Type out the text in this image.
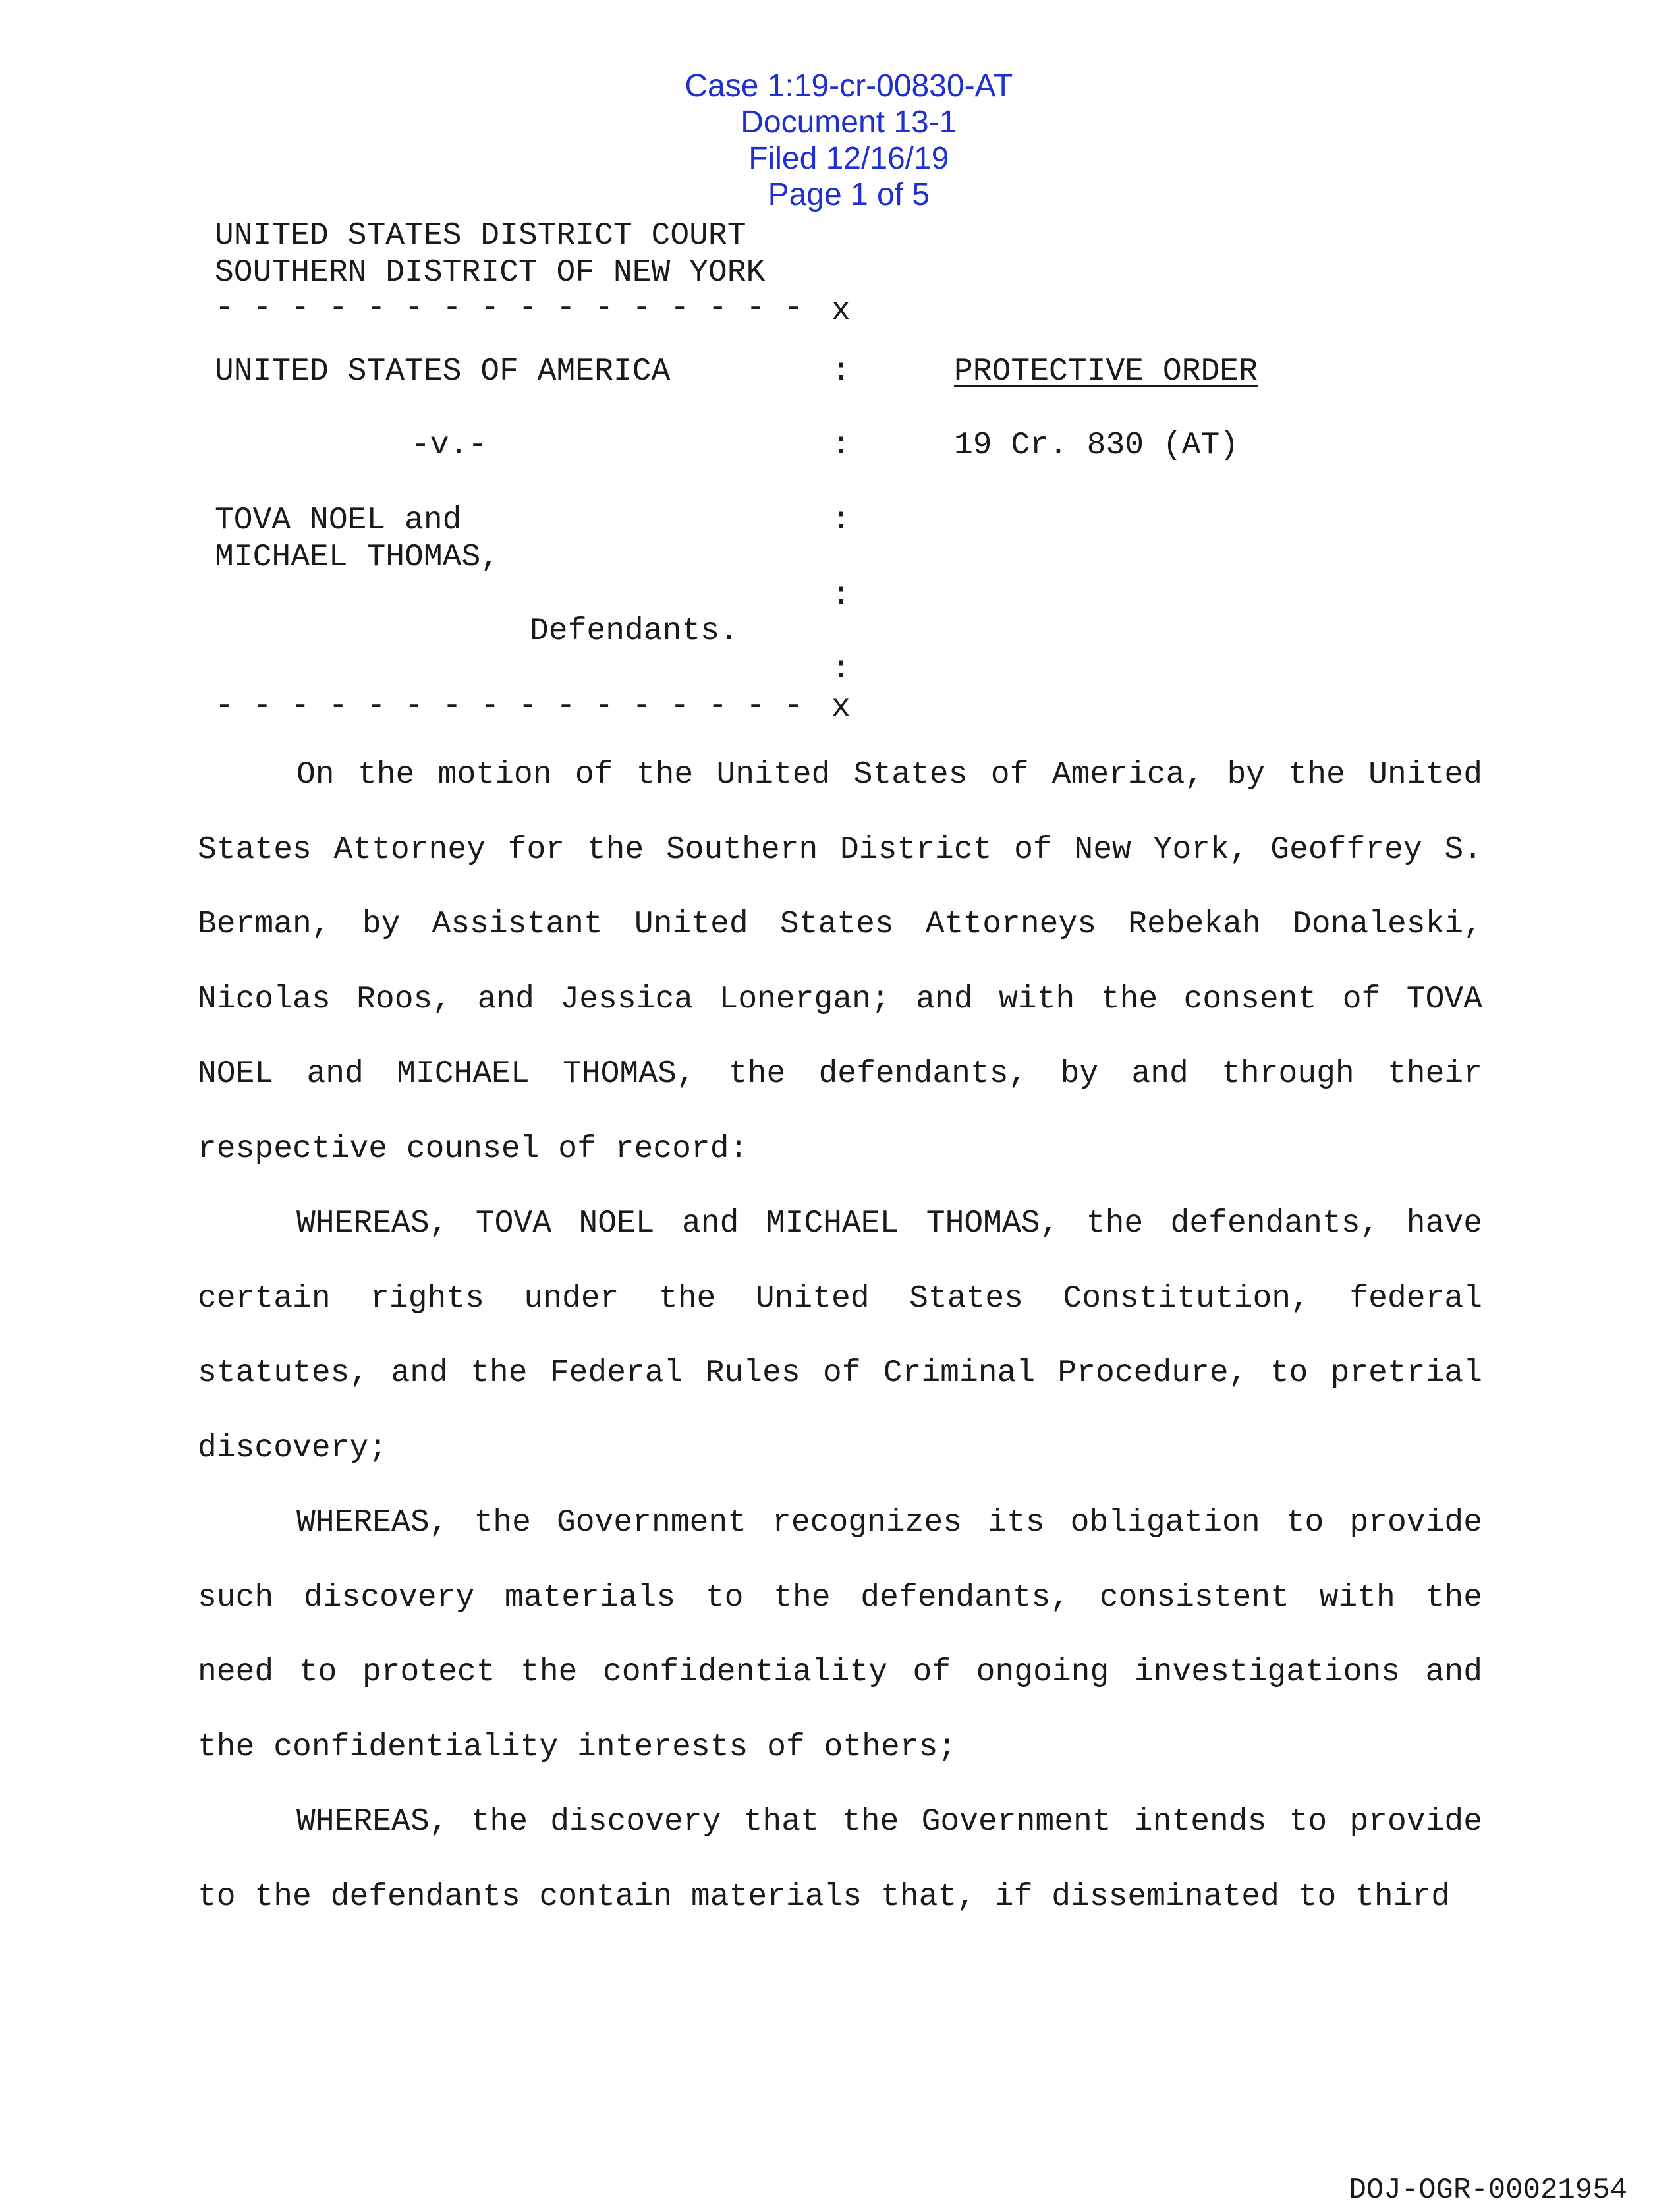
Case 1:19-cr-00830-AT
Document 13-1
Filed 12/16/19
Page 1 of 5

UNITED STATES DISTRICT COURT
SOUTHERN DISTRICT OF NEW YORK
- - - - - - - - - - - - - - - - x
UNITED STATES OF AMERICA	:	PROTECTIVE ORDER
-v.-	:	19 Cr. 830 (AT)
TOVA NOEL and	:
MICHAEL THOMAS,
:
Defendants.
:
- - - - - - - - - - - - - - - - x

On the motion of the United States of America, by the United States Attorney for the Southern District of New York, Geoffrey S. Berman, by Assistant United States Attorneys Rebekah Donaleski, Nicolas Roos, and Jessica Lonergan; and with the consent of TOVA NOEL and MICHAEL THOMAS, the defendants, by and through their respective counsel of record:

WHEREAS, TOVA NOEL and MICHAEL THOMAS, the defendants, have certain rights under the United States Constitution, federal statutes, and the Federal Rules of Criminal Procedure, to pretrial discovery;

WHEREAS, the Government recognizes its obligation to provide such discovery materials to the defendants, consistent with the need to protect the confidentiality of ongoing investigations and the confidentiality interests of others;

WHEREAS, the discovery that the Government intends to provide to the defendants contain materials that, if disseminated to third

DOJ-OGR-00021954
